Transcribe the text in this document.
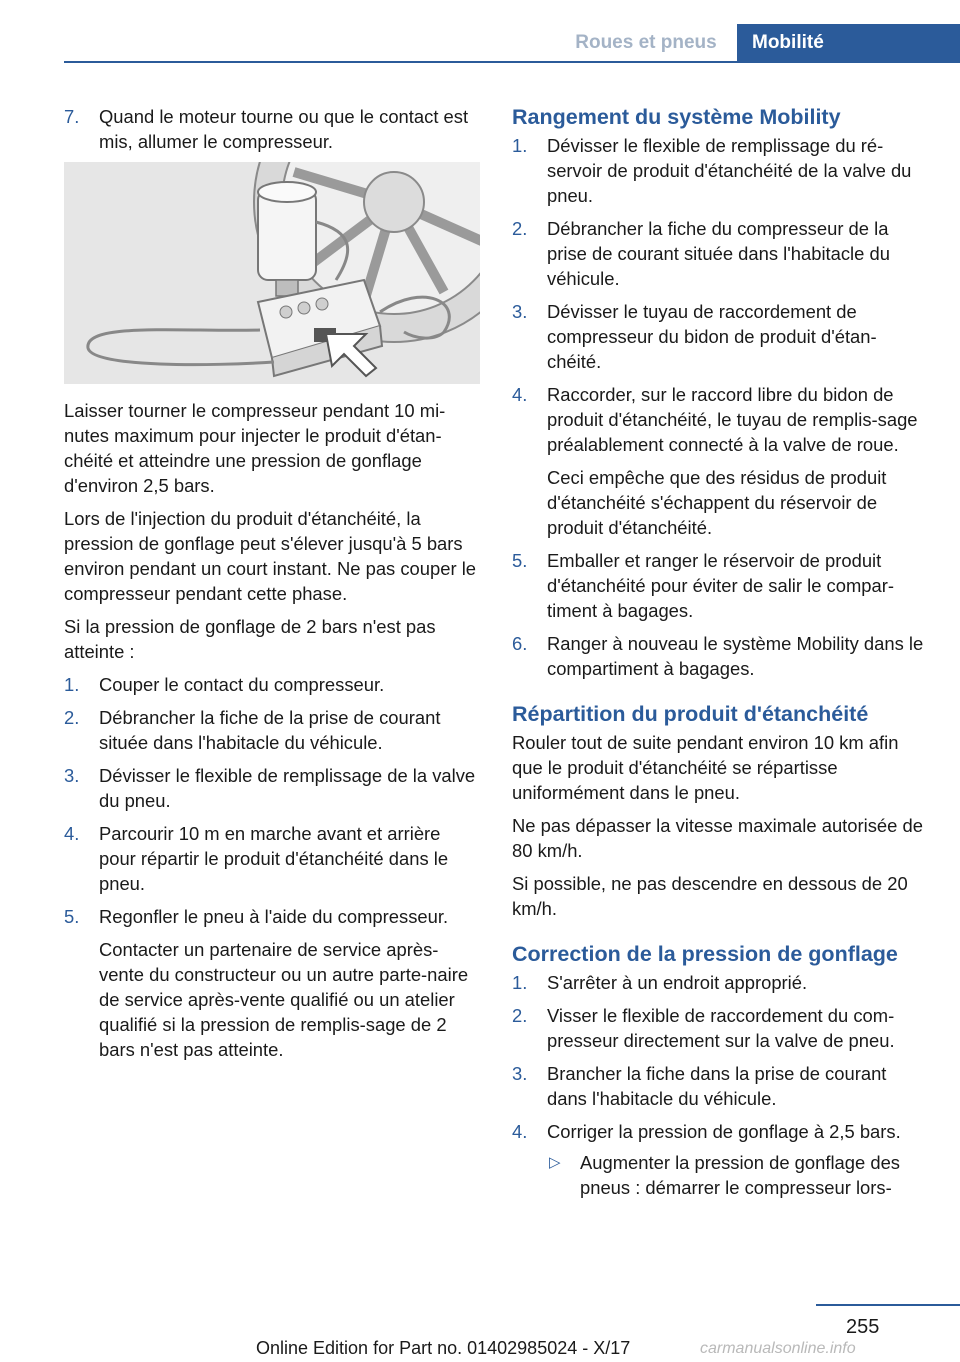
Roues et pneus	Mobilité
7. Quand le moteur tourne ou que le contact est mis, allumer le compresseur.

Laisser tourner le compresseur pendant 10 mi-nutes maximum pour injecter le produit d'étan-chéité et atteindre une pression de gonflage d'environ 2,5 bars.

Lors de l'injection du produit d'étanchéité, la pression de gonflage peut s'élever jusqu'à 5 bars environ pendant un court instant. Ne pas couper le compresseur pendant cette phase.

Si la pression de gonflage de 2 bars n'est pas atteinte :

1. Couper le contact du compresseur.

2. Débrancher la fiche de la prise de courant située dans l'habitacle du véhicule.

3. Dévisser le flexible de remplissage de la valve du pneu.

4. Parcourir 10 m en marche avant et arrière pour répartir le produit d'étanchéité dans le pneu.

5. Regonfler le pneu à l'aide du compresseur.

Contacter un partenaire de service après-vente du constructeur ou un autre parte-naire de service après-vente qualifié ou un atelier qualifié si la pression de remplis-sage de 2 bars n'est pas atteinte.

Rangement du système Mobility
1. Dévisser le flexible de remplissage du ré-servoir de produit d'étanchéité de la valve du pneu.

2. Débrancher la fiche du compresseur de la prise de courant située dans l'habitacle du véhicule.

3. Dévisser le tuyau de raccordement de compresseur du bidon de produit d'étan-chéité.

4. Raccorder, sur le raccord libre du bidon de produit d'étanchéité, le tuyau de remplis-sage préalablement connecté à la valve de roue.

Ceci empêche que des résidus de produit d'étanchéité s'échappent du réservoir de produit d'étanchéité.

5. Emballer et ranger le réservoir de produit d'étanchéité pour éviter de salir le compar-timent à bagages.

6. Ranger à nouveau le système Mobility dans le compartiment à bagages.

Répartition du produit d'étanchéité

Rouler tout de suite pendant environ 10 km afin que le produit d'étanchéité se répartisse uniformément dans le pneu.

Ne pas dépasser la vitesse maximale autorisée de 80 km/h.

Si possible, ne pas descendre en dessous de 20 km/h.

Correction de la pression de gonflage
1. S'arrêter à un endroit approprié.

2. Visser le flexible de raccordement du com-presseur directement sur la valve de pneu.

3. Brancher la fiche dans la prise de courant dans l'habitacle du véhicule.

4. Corriger la pression de gonflage à 2,5 bars.

▷ Augmenter la pression de gonflage des pneus : démarrer le compresseur lors-
255
Online Edition for Part no. 01402985024 - X/17	carmanualsonline.info
